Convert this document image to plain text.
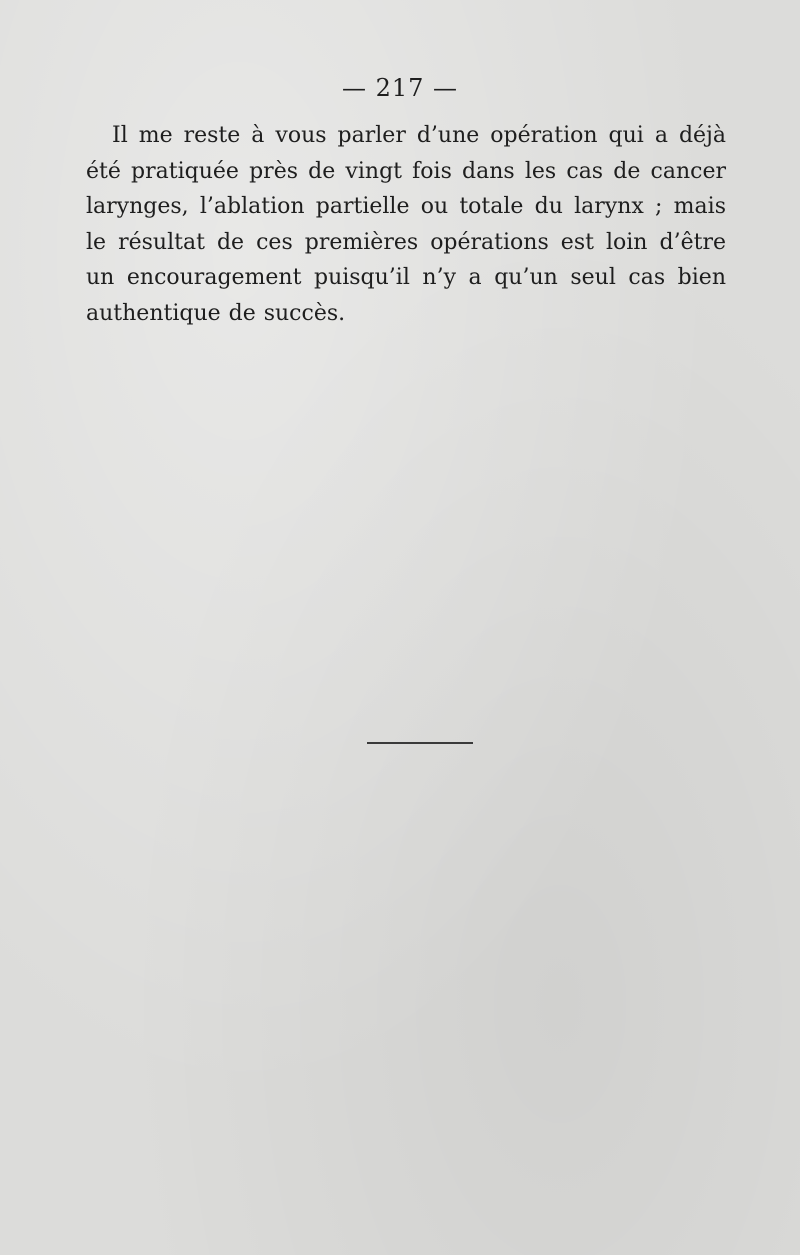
— 217 —

Il me reste à vous parler d’une opération qui a déjà été pratiquée près de vingt fois dans les cas de cancer larynges, l’ablation partielle ou totale du larynx ; mais le résultat de ces premières opérations est loin d’être un encouragement puisqu’il n’y a qu’un seul cas bien authentique de succès.
